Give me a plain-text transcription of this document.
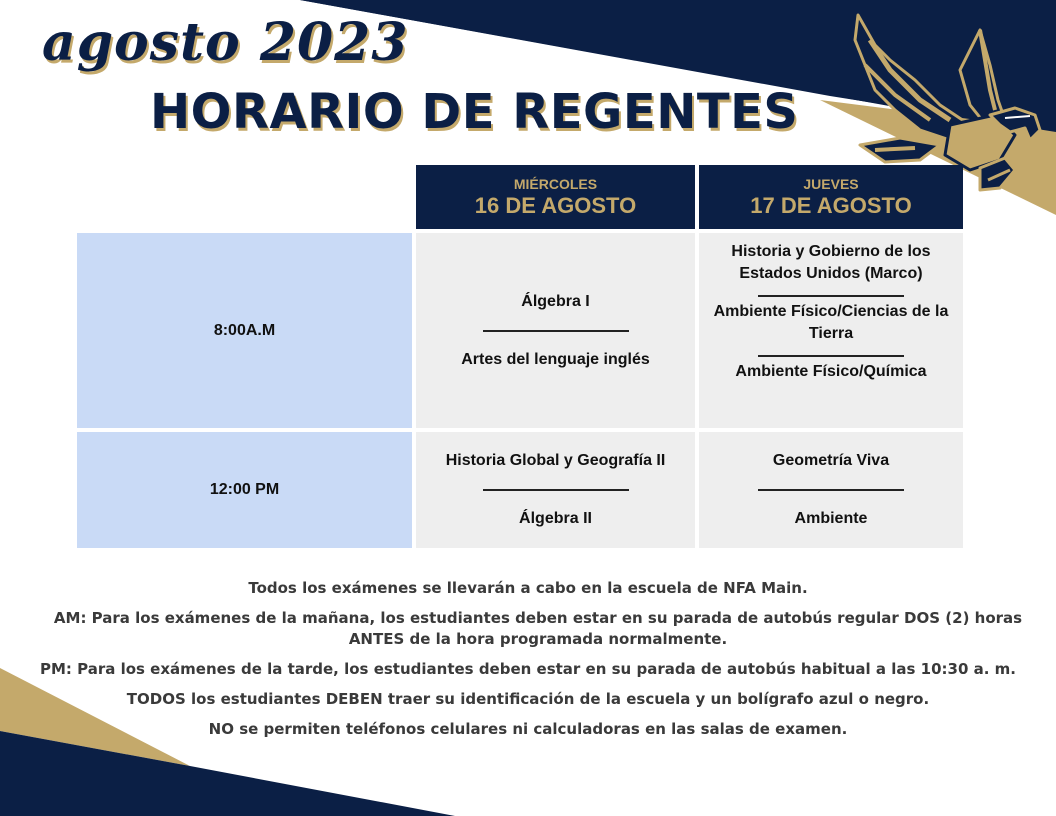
agosto 2023
HORARIO DE REGENTES
MIÉRCOLES
16 DE AGOSTO
JUEVES
17 DE AGOSTO
8:00A.M
Álgebra I
Artes del lenguaje inglés
Historia y Gobierno de los Estados Unidos (Marco)
Ambiente Físico/Ciencias de la Tierra
Ambiente Físico/Química
12:00 PM
Historia Global y Geografía II
Álgebra II
Geometría Viva
Ambiente

Todos los exámenes se llevarán a cabo en la escuela de NFA Main.

AM: Para los exámenes de la mañana, los estudiantes deben estar en su parada de autobús regular DOS (2) horas ANTES de la hora programada normalmente.

PM: Para los exámenes de la tarde, los estudiantes deben estar en su parada de autobús habitual a las 10:30 a. m.

TODOS los estudiantes DEBEN traer su identificación de la escuela y un bolígrafo azul o negro.

NO se permiten teléfonos celulares ni calculadoras en las salas de examen.
